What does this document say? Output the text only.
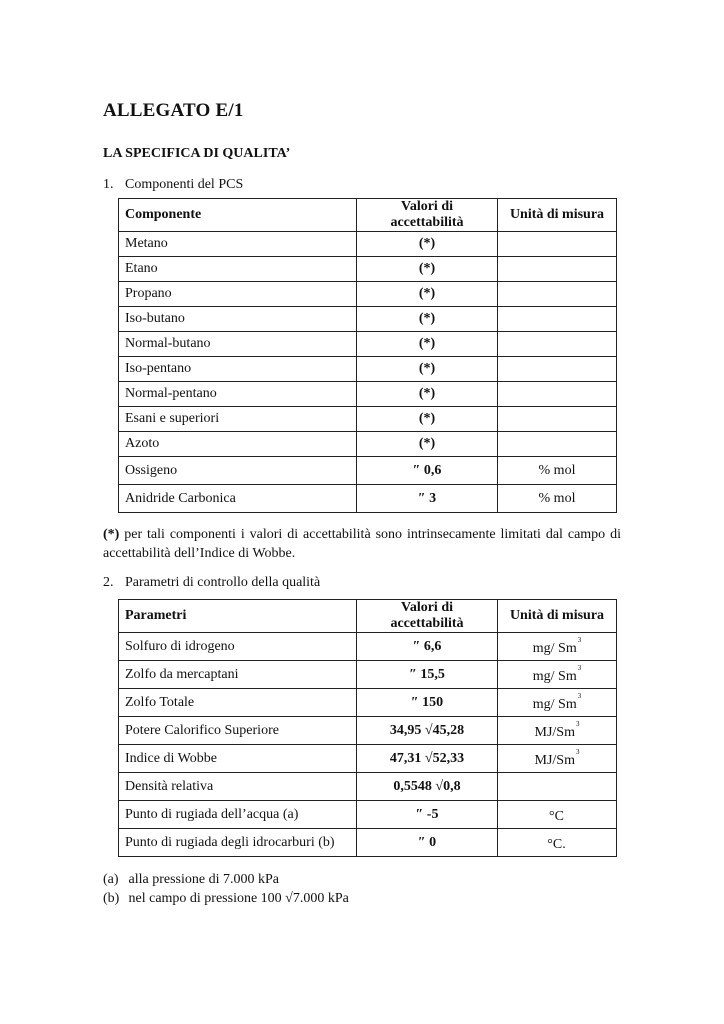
ALLEGATO E/1
LA SPECIFICA DI QUALITA’
1. Componenti del PCS
Componente	Valori di accettabilità	Unità di misura
Metano	(*)	
Etano	(*)	
Propano	(*)	
Iso-butano	(*)	
Normal-butano	(*)	
Iso-pentano	(*)	
Normal-pentano	(*)	
Esani e superiori	(*)	
Azoto	(*)	
Ossigeno	″ 0,6	% mol
Anidride Carbonica	″ 3	% mol
(*) per tali componenti i valori di accettabilità sono intrinsecamente limitati dal campo di accettabilità dell’Indice di Wobbe.
2. Parametri di controllo della qualità
Parametri	Valori di accettabilità	Unità di misura
Solfuro di idrogeno	″ 6,6	mg/ Sm$^3$
Zolfo da mercaptani	″ 15,5	mg/ Sm$^3$
Zolfo Totale	″ 150	mg/ Sm$^3$
Potere Calorifico Superiore	34,95 √45,28	MJ/Sm$^3$
Indice di Wobbe	47,31 √52,33	MJ/Sm$^3$
Densità relativa	0,5548 √0,8	
Punto di rugiada dell’acqua (a)	″ -5	°C
Punto di rugiada degli idrocarburi (b)	″ 0	°C.
(a) alla pressione di 7.000 kPa
(b) nel campo di pressione 100 √7.000 kPa
